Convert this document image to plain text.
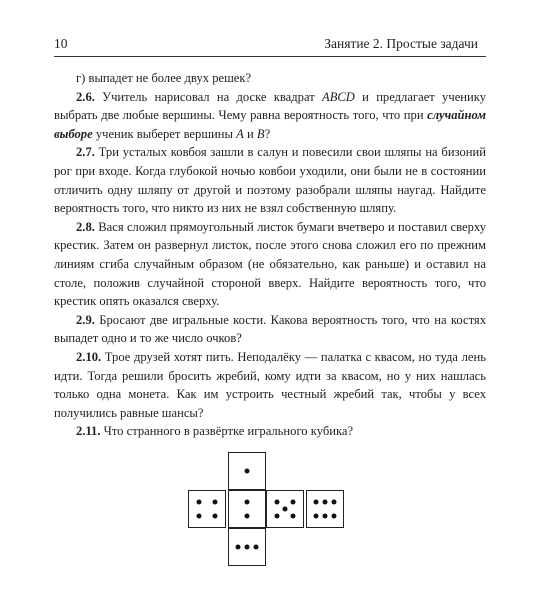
10	Занятие 2. Простые задачи

г) выпадет не более двух решек?

2.6. Учитель нарисовал на доске квадрат ABCD и предлагает ученику выбрать две любые вершины. Чему равна вероятность того, что при случайном выборе ученик выберет вершины A и B?

2.7. Три усталых ковбоя зашли в салун и повесили свои шляпы на бизоний рог при входе. Когда глубокой ночью ковбои уходили, они были не в состоянии отличить одну шляпу от другой и поэтому разобрали шляпы наугад. Найдите вероятность того, что никто из них не взял собственную шляпу.

2.8. Вася сложил прямоугольный листок бумаги вчетверо и поставил сверху крестик. Затем он развернул листок, после этого снова сложил его по прежним линиям сгиба случайным образом (не обязательно, как раньше) и оставил на столе, положив случайной стороной вверх. Найдите вероятность того, что крестик опять оказался сверху.

2.9. Бросают две игральные кости. Какова вероятность того, что на костях выпадет одно и то же число очков?

2.10. Трое друзей хотят пить. Неподалёку — палатка с квасом, но туда лень идти. Тогда решили бросить жребий, кому идти за квасом, но у них нашлась только одна монета. Как им устроить честный жребий так, чтобы у всех получились равные шансы?

2.11. Что странного в развёртке игрального кубика?
